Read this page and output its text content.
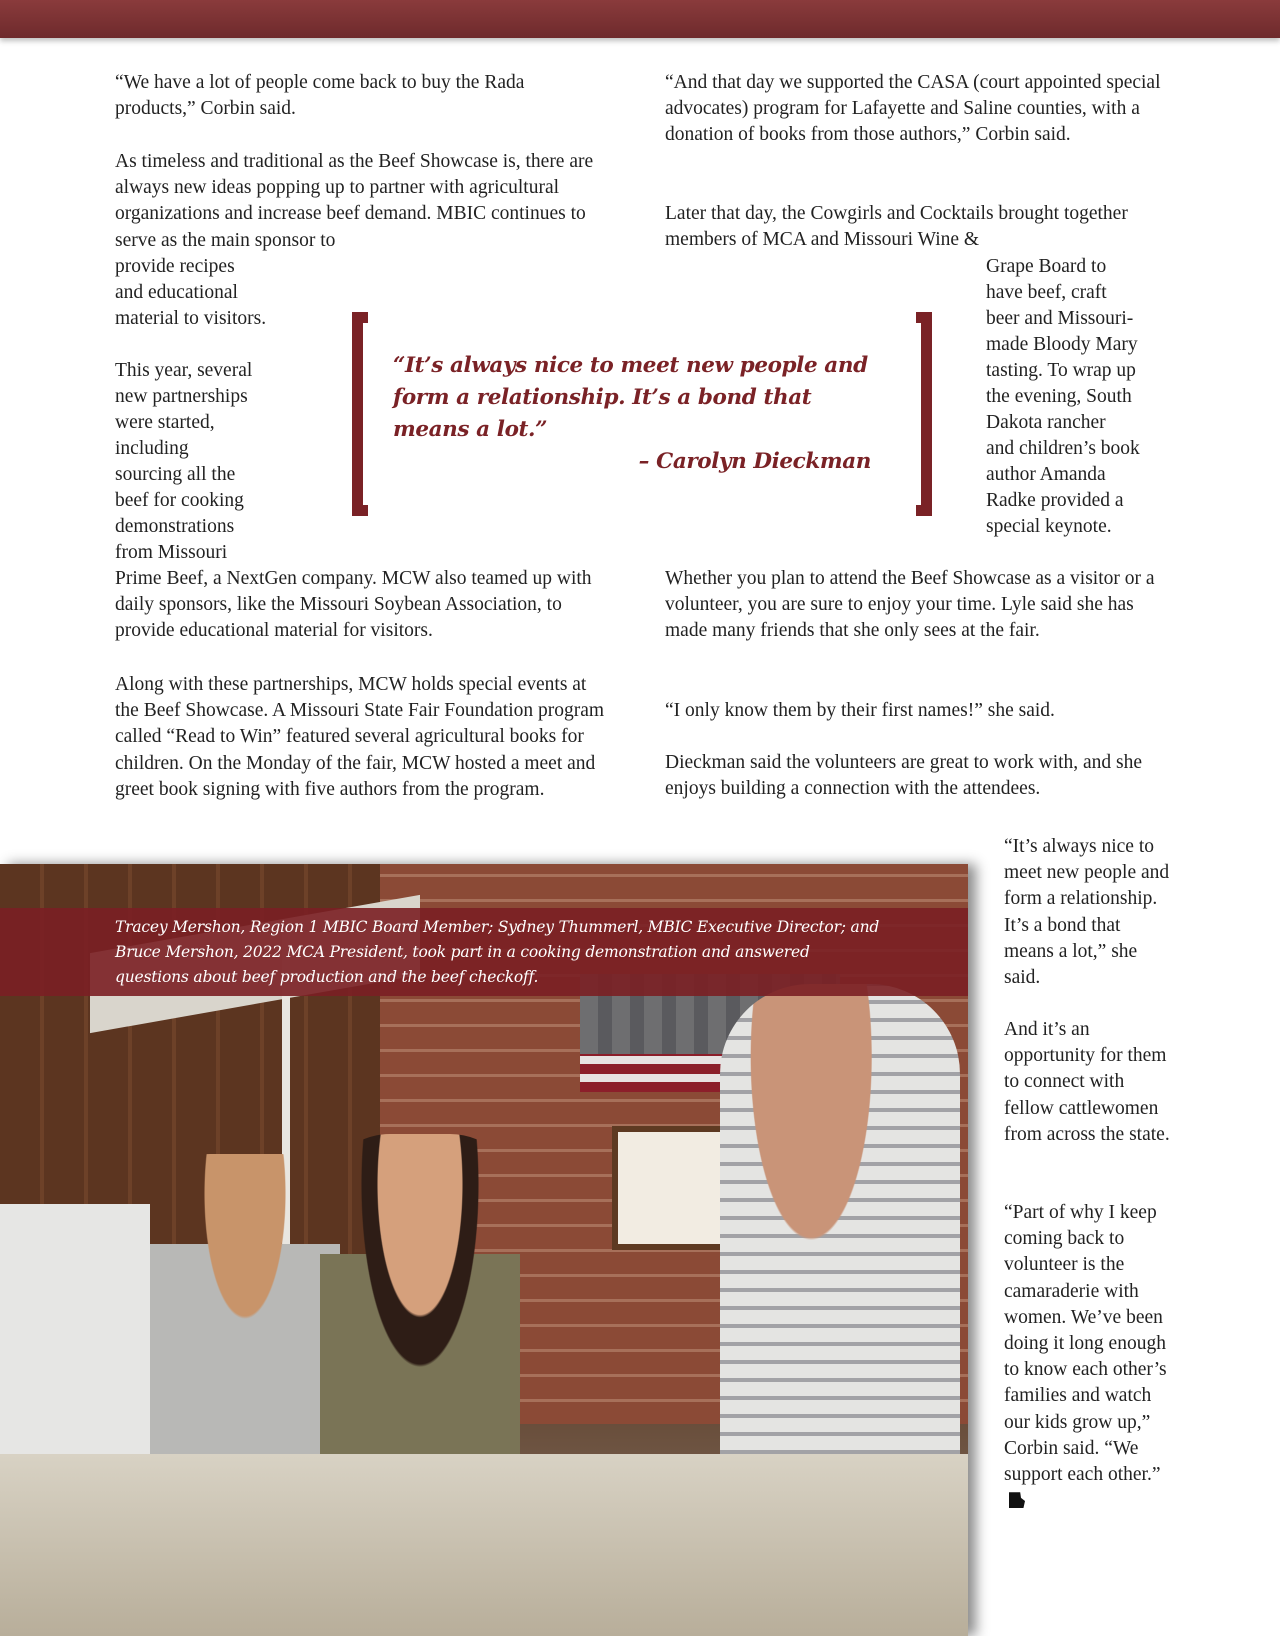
“We have a lot of people come back to buy the Rada products,” Corbin said.

As timeless and traditional as the Beef Showcase is, there are always new ideas popping up to partner with agricultural organizations and increase beef demand. MBIC continues to serve as the main sponsor to

provide recipes

and educational

material to visitors.

This year, several

new partnerships

were started,

including

sourcing all the

beef for cooking

demonstrations

from Missouri

Prime Beef, a NextGen company. MCW also teamed up with daily sponsors, like the Missouri Soybean Association, to provide educational material for visitors.

Along with these partnerships, MCW holds special events at the Beef Showcase. A Missouri State Fair Foundation program called “Read to Win” featured several agricultural books for children. On the Monday of the fair, MCW hosted a meet and greet book signing with five authors from the program.

“And that day we supported the CASA (court appointed special advocates) program for Lafayette and Saline counties, with a donation of books from those authors,” Corbin said.

Later that day, the Cowgirls and Cocktails brought together members of MCA and Missouri Wine &

Grape Board to

have beef, craft

beer and Missouri-

made Bloody Mary

tasting. To wrap up

the evening, South

Dakota rancher

and children’s book

author Amanda

Radke provided a

special keynote.

Whether you plan to attend the Beef Showcase as a visitor or a volunteer, you are sure to enjoy your time. Lyle said she has made many friends that she only sees at the fair.

“I only know them by their first names!” she said.

Dieckman said the volunteers are great to work with, and she enjoys building a connection with the attendees.

“It’s always nice to meet new people and form a relationship. It’s a bond that means a lot.”
– Carolyn Dieckman

Tracey Mershon, Region 1 MBIC Board Member; Sydney Thummerl, MBIC Executive Director; and Bruce Mershon, 2022 MCA President, took part in a cooking demonstration and answered questions about beef production and the beef checkoff.

“It’s always nice to meet new people and form a relationship. It’s a bond that means a lot,” she said.

And it’s an opportunity for them to connect with fellow cattlewomen from across the state.

“Part of why I keep coming back to volunteer is the camaraderie with women. We’ve been doing it long enough to know each other’s families and watch our kids grow up,” Corbin said. “We support each other.”
